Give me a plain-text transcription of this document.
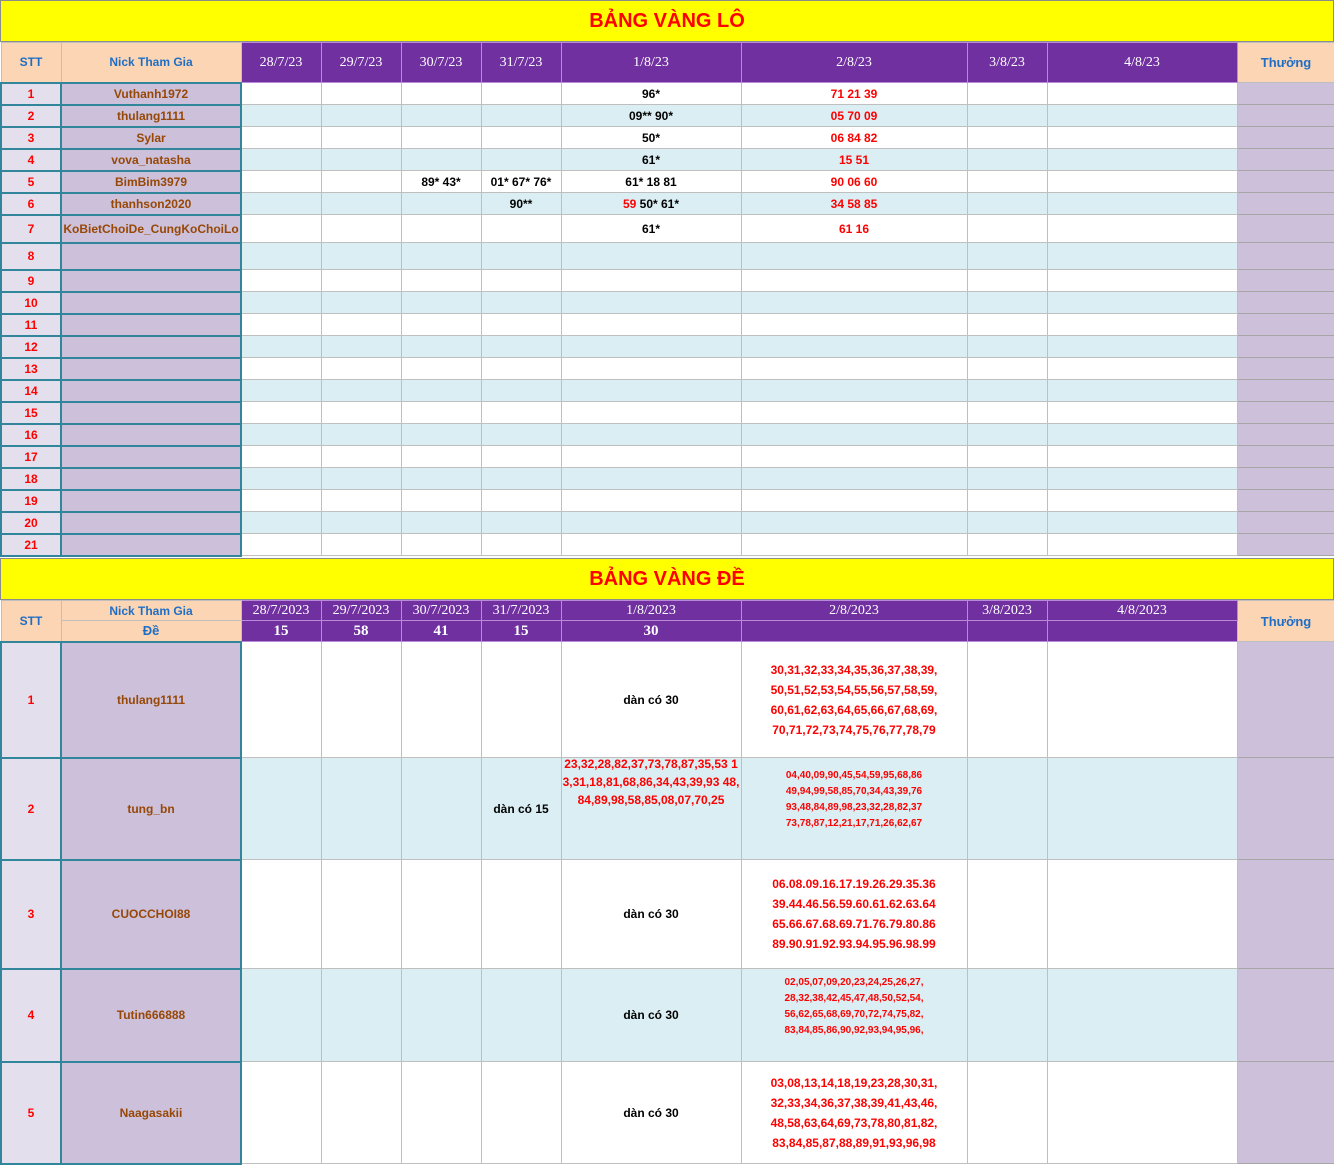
BẢNG VÀNG LÔ
STT	Nick Tham Gia	28/7/23	29/7/23	30/7/23	31/7/23	1/8/23	2/8/23	3/8/23	4/8/23	Thưởng
1	Vuthanh1972					96*	71 21 39			
2	thulang1111					09** 90*	05 70 09			
3	Sylar					50*	06 84 82			
4	vova_natasha					61*	15 51			
5	BimBim3979			89* 43*	01* 67* 76*	61* 18 81	90 06 60			
6	thanhson2020				90**	59 50* 61*	34 58 85			
7	KoBietChoiDe_CungKoChoiLo					61*	61 16			
8										
9										
10										
11										
12										
13										
14										
15										
16										
17										
18										
19										
20										
21										
BẢNG VÀNG ĐỀ
STT	Nick Tham Gia	28/7/2023	29/7/2023	30/7/2023	31/7/2023	1/8/2023	2/8/2023	3/8/2023	4/8/2023	Thưởng
	Đề	15	58	41	15	30				
1	thulang1111					dàn có 30	30,31,32,33,34,35,36,37,38,39,
50,51,52,53,54,55,56,57,58,59,
60,61,62,63,64,65,66,67,68,69,
70,71,72,73,74,75,76,77,78,79			

2	tung_bn				dàn có 15	23,32,28,82,37,73,78,87,35,53 13,31,18,81,68,86,34,43,39,93 48,84,89,98,58,85,08,07,70,25	04,40,09,90,45,54,59,95,68,86
49,94,99,58,85,70,34,43,39,76
93,48,84,89,98,23,32,28,82,37
73,78,87,12,21,17,71,26,62,67			

3	CUOCCHOI88					dàn có 30	06.08.09.16.17.19.26.29.35.36
39.44.46.56.59.60.61.62.63.64
65.66.67.68.69.71.76.79.80.86
89.90.91.92.93.94.95.96.98.99			

4	Tutin666888					dàn có 30	02,05,07,09,20,23,24,25,26,27,
28,32,38,42,45,47,48,50,52,54,
56,62,65,68,69,70,72,74,75,82,
83,84,85,86,90,92,93,94,95,96,			

5	Naagasakii					dàn có 30	03,08,13,14,18,19,23,28,30,31,
32,33,34,36,37,38,39,41,43,46,
48,58,63,64,69,73,78,80,81,82,
83,84,85,87,88,89,91,93,96,98			
